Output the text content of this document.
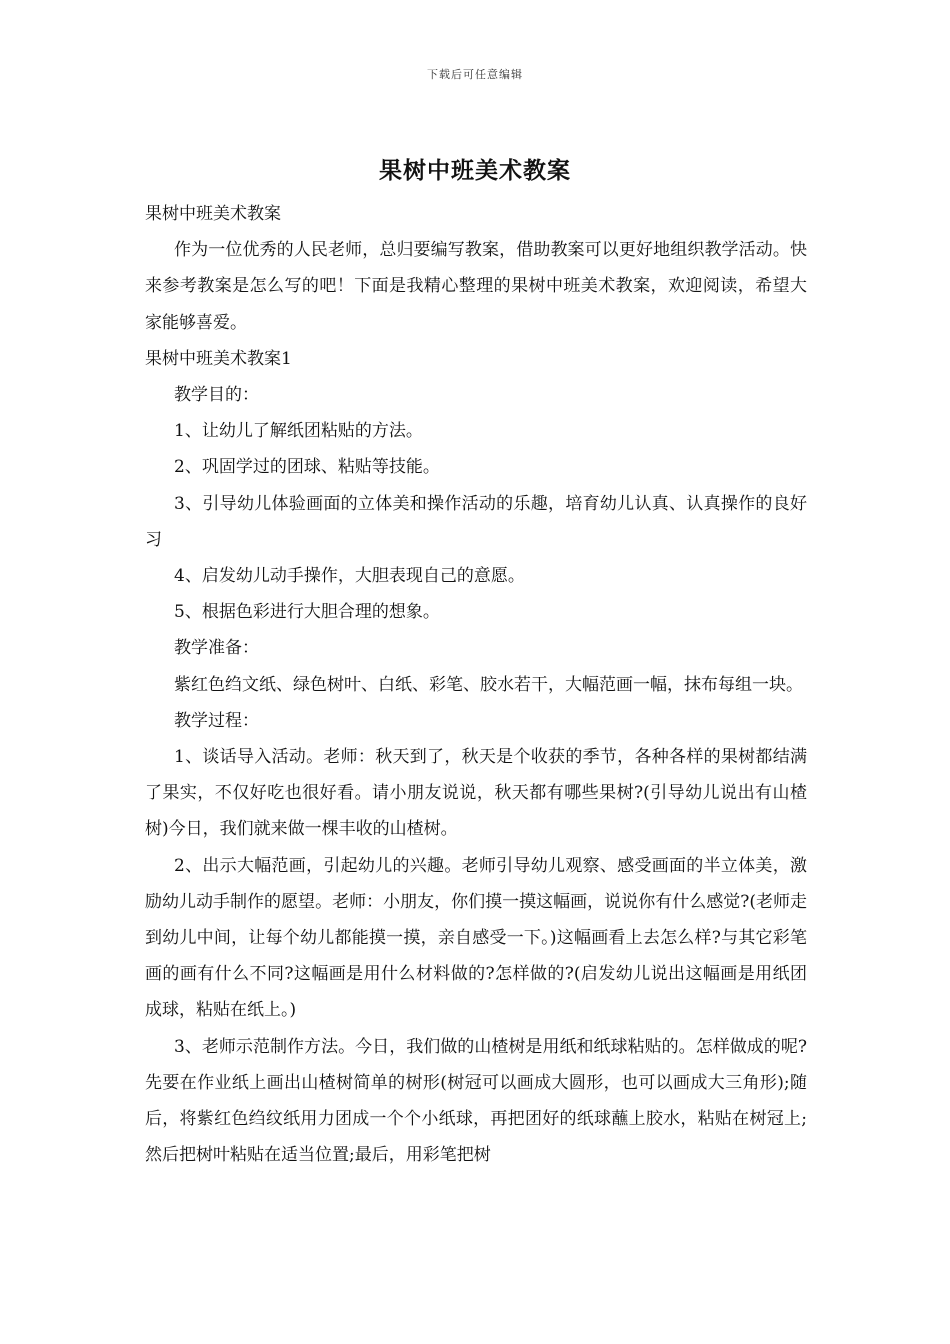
下载后可任意编辑
果树中班美术教案

果树中班美术教案

作为一位优秀的人民老师，总归要编写教案，借助教案可以更好地组织教学活动。快来参考教案是怎么写的吧！下面是我精心整理的果树中班美术教案，欢迎阅读，希望大家能够喜爱。

果树中班美术教案1

教学目的：

1、让幼儿了解纸团粘贴的方法。

2、巩固学过的团球、粘贴等技能。

3、引导幼儿体验画面的立体美和操作活动的乐趣，培育幼儿认真、认真操作的良好习

4、启发幼儿动手操作，大胆表现自己的意愿。

5、根据色彩进行大胆合理的想象。

教学准备：

紫红色绉文纸、绿色树叶、白纸、彩笔、胶水若干，大幅范画一幅，抹布每组一块。

教学过程：

1、谈话导入活动。老师：秋天到了，秋天是个收获的季节，各种各样的果树都结满了果实，不仅好吃也很好看。请小朋友说说，秋天都有哪些果树?(引导幼儿说出有山楂树)今日，我们就来做一棵丰收的山楂树。

2、出示大幅范画，引起幼儿的兴趣。老师引导幼儿观察、感受画面的半立体美，激励幼儿动手制作的愿望。老师：小朋友，你们摸一摸这幅画，说说你有什么感觉?(老师走到幼儿中间，让每个幼儿都能摸一摸，亲自感受一下。)这幅画看上去怎么样?与其它彩笔画的画有什么不同?这幅画是用什么材料做的?怎样做的?(启发幼儿说出这幅画是用纸团成球，粘贴在纸上。)

3、老师示范制作方法。今日，我们做的山楂树是用纸和纸球粘贴的。怎样做成的呢?先要在作业纸上画出山楂树简单的树形(树冠可以画成大圆形，也可以画成大三角形);随后，将紫红色绉纹纸用力团成一个个小纸球，再把团好的纸球蘸上胶水，粘贴在树冠上;然后把树叶粘贴在适当位置;最后，用彩笔把树
